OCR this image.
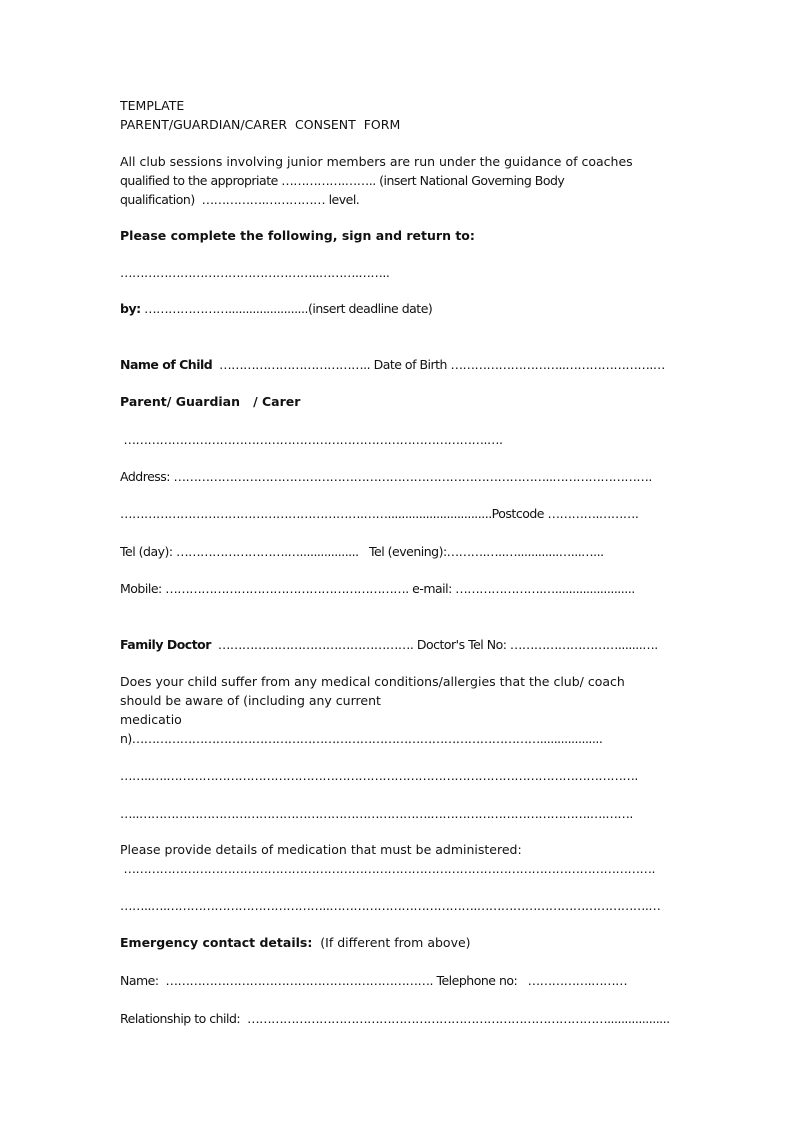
TEMPLATE
PARENT/GUARDIAN/CARER  CONSENT  FORM
All club sessions involving junior members are run under the guidance of coaches
qualified to the appropriate …………….…….. (insert National Governing Body
qualification)  …………….…………… level.
Please complete the following, sign and return to:
…………………………………………..……….……..
by: ………………….......................(insert deadline date)
Name of Child  ……………………………….. Date of Birth ………………………..………………….…
Parent/ Guardian   / Carer
……………………………………………………………………………….….
Address: …………………………………………………………………………………..…………………….
…………………………………………………….……..............................Postcode ………….……….
Tel (day): ……………………….….................   Tel (evening):……….…..…............…...…...
Mobile: ……………………………………………………. e-mail: ………………….….......................
Family Doctor  …………………………………………. Doctor's Tel No: ……………………….......….
Does your child suffer from any medical conditions/allergies that the club/ coach
should be aware of (including any current
medicatio
n)…………………………………………………………………………………………..................
……..….……………………………………………………………………………………………………….
…..……………………………………………………………….………………………………….….…….
Please provide details of medication that must be administered:
…………………………………………………………………………………………………………………….
……..….…………………………………..……………………………….…………………………………….…
Emergency contact details:  (If different from above)
Name:  …………………………………………………………. Telephone no:   …………….………
Relationship to child:  ………………………………………………………………………………..................
